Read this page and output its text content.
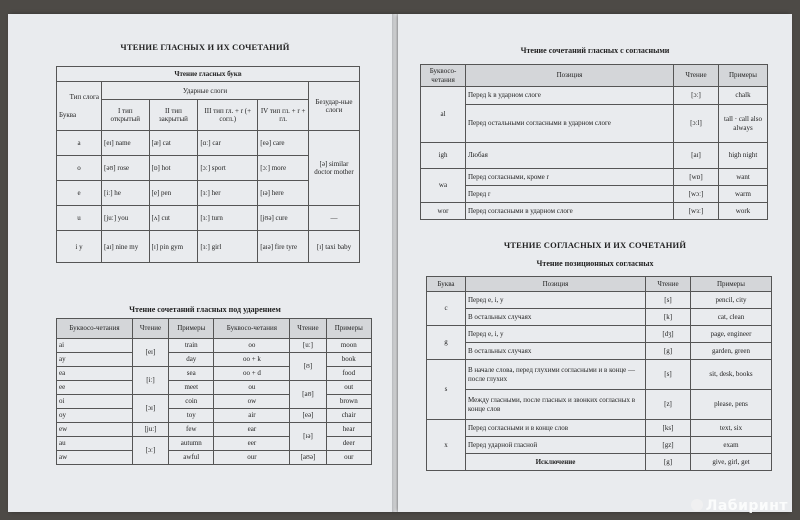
ЧТЕНИЕ ГЛАСНЫХ И ИХ СОЧЕТАНИЙ
Чтение гласных букв					

Тип слога
Буква	Ударные слоги				Безудар-ные слоги
	I тип открытый	II тип закрытый	III тип гл. + r (+ согл.)	IV тип гл. + r + гл.	
a	[eɪ] name	[æ] cat	[ɑː] car	[eə] care	[ə] similar doctor mother
o	[əʊ] rose	[ɒ] hot	[ɔː] sport	[ɔː] more	
e	[iː] he	[e] pen	[ɜː] her	[ɪə] here	
u	[juː] you	[ʌ] cut	[ɜː] turn	[jʊə] cure	—
i y	[aɪ] nine my	[ɪ] pin gym	[ɜː] girl	[aɪə] fire tyre	[ɪ] taxi baby
Чтение сочетаний гласных под ударением
Буквосо-четания	Чтение	Примеры	Буквосо-четания	Чтение	Примеры
ai	[eɪ]	train	oo	[uː]	moon
ay		day	oo + k	[ʊ]	book
ea	[iː]	sea	oo + d		food
ee		meet	ou	[aʊ]	out
oi	[ɔɪ]	coin	ow		brown
oy		toy	air	[eə]	chair
ew	[juː]	few	ear	[ɪə]	hear
au	[ɔː]	autumn	eer		deer
aw		awful	our	[aʊə]	our
Чтение сочетаний гласных с согласными
Буквосо-четания	Позиция	Чтение	Примеры
al	Перед k в ударном слоге	[ɔː]	chalk
	Перед остальными согласными в ударном слоге	[ɔːl]	tall · call also always
igh	Любая	[aɪ]	high night
wa	Перед согласными, кроме r	[wɒ]	want
	Перед r	[wɔː]	warm
wor	Перед согласными в ударном слоге	[wɜː]	work
ЧТЕНИЕ СОГЛАСНЫХ И ИХ СОЧЕТАНИЙ
Чтение позиционных согласных
Буква	Позиция	Чтение	Примеры
c	Перед e, i, y	[s]	pencil, city
	В остальных случаях	[k]	cat, clean
g	Перед e, i, y	[dʒ]	page, engineer
	В остальных случаях	[g]	garden, green
s	В начале слова, перед глухими согласными и в конце — после глухих	[s]	sit, desk, books
	Между гласными, после гласных и звонких согласных в конце слов	[z]	please, pens
x	Перед согласными и в конце слов	[ks]	text, six
	Перед ударной гласной	[gz]	exam
	Исключение	[g]	give, girl, get
Лабиринт
